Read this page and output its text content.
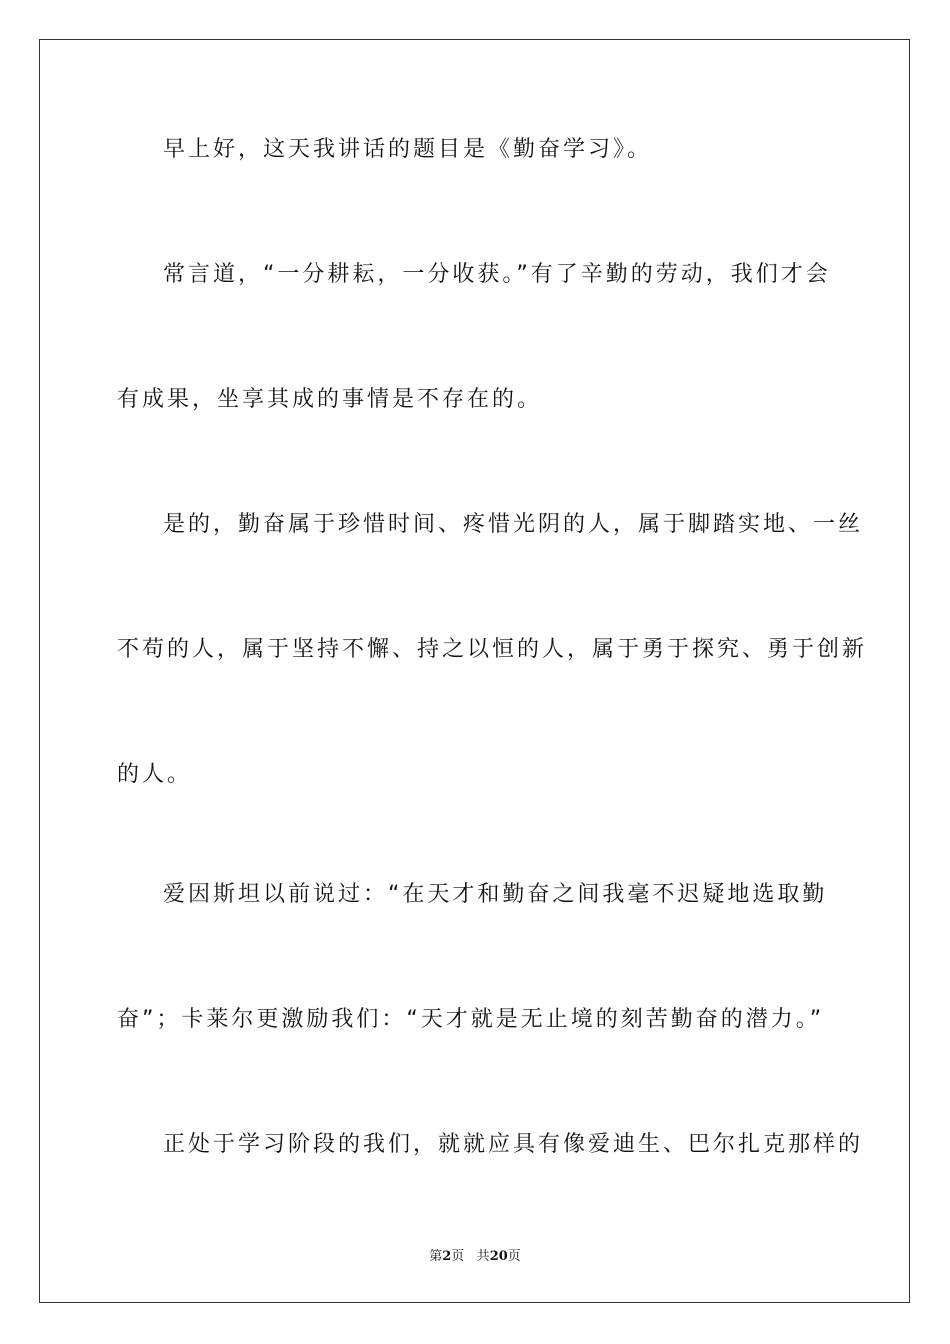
早上好，这天我讲话的题目是《勤奋学习》。

常言道，“一分耕耘，一分收获。”有了辛勤的劳动，我们才会

有成果，坐享其成的事情是不存在的。

是的，勤奋属于珍惜时间、疼惜光阴的人，属于脚踏实地、一丝

不苟的人，属于坚持不懈、持之以恒的人，属于勇于探究、勇于创新

的人。

爱因斯坦以前说过：“在天才和勤奋之间我毫不迟疑地选取勤

奋”；卡莱尔更激励我们：“天才就是无止境的刻苦勤奋的潜力。”

正处于学习阶段的我们，就就应具有像爱迪生、巴尔扎克那样的

第2页 共20页
